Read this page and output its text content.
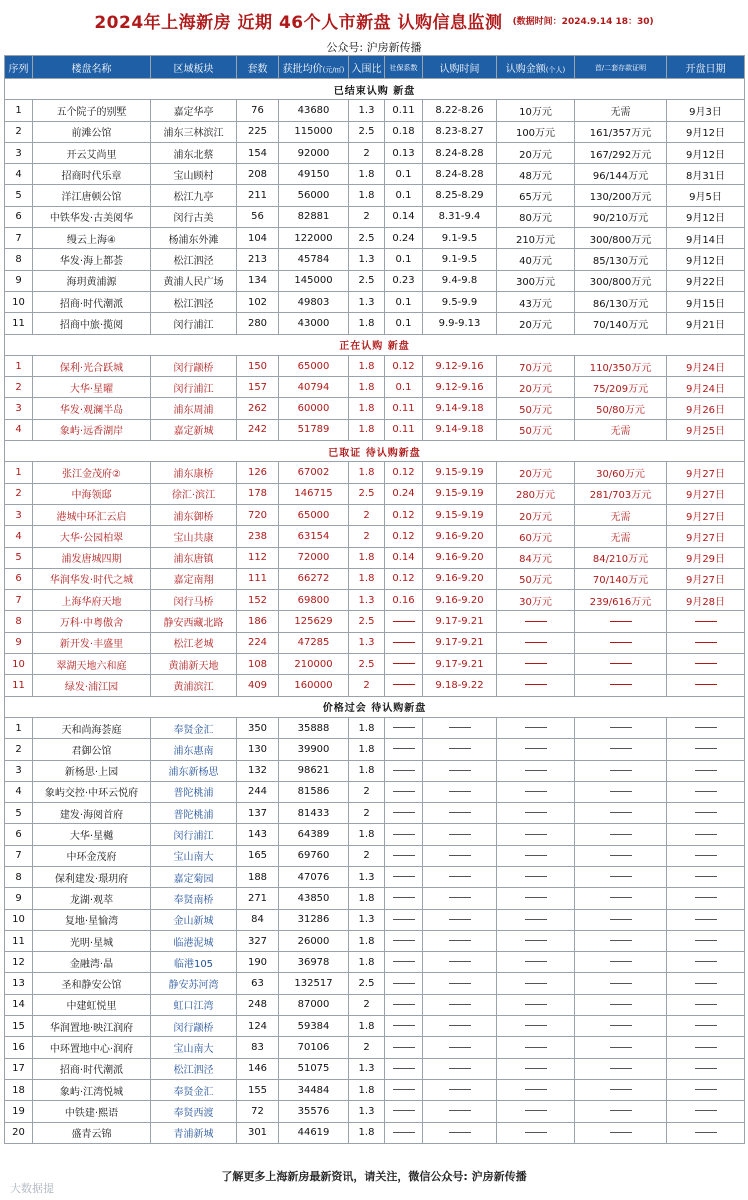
2024年上海新房 近期 46个人市新盘 认购信息监测 (数据时间：2024.9.14 18：30)
公众号: 沪房新传播
序列	楼盘名称	区域板块	套数	获批均价(元/㎡)	入围比	社保系数	认购时间	认购金额(个人)	首/二套存款证明	开盘日期
已结束认购 新盘										
1	五个院子的别墅	嘉定华亭	76	43680	1.3	0.11	8.22-8.26	10万元	无需	9月3日
2	前滩公馆	浦东三林滨江	225	115000	2.5	0.18	8.23-8.27	100万元	161/357万元	9月12日
3	开云艾尚里	浦东北蔡	154	92000	2	0.13	8.24-8.28	20万元	167/292万元	9月12日
4	招商时代乐章	宝山顾村	208	49150	1.8	0.1	8.24-8.28	48万元	96/144万元	8月31日
5	洋江唐顿公馆	松江九亭	211	56000	1.8	0.1	8.25-8.29	65万元	130/200万元	9月5日
6	中铁华发·古美阅华	闵行古美	56	82881	2	0.14	8.31-9.4	80万元	90/210万元	9月12日
7	缦云上海④	杨浦东外滩	104	122000	2.5	0.24	9.1-9.5	210万元	300/800万元	9月14日
8	华发·海上都荟	松江泗泾	213	45784	1.3	0.1	9.1-9.5	40万元	85/130万元	9月12日
9	海玥黄浦源	黄浦人民广场	134	145000	2.5	0.23	9.4-9.8	300万元	300/800万元	9月22日
10	招商·时代潮派	松江泗泾	102	49803	1.3	0.1	9.5-9.9	43万元	86/130万元	9月15日
11	招商中旅·揽阅	闵行浦江	280	43000	1.8	0.1	9.9-9.13	20万元	70/140万元	9月21日
正在认购 新盘										
1	保利·光合跃城	闵行颛桥	150	65000	1.8	0.12	9.12-9.16	70万元	110/350万元	9月24日
2	大华·星曜	闵行浦江	157	40794	1.8	0.1	9.12-9.16	20万元	75/209万元	9月24日
3	华发·观澜半岛	浦东周浦	262	60000	1.8	0.11	9.14-9.18	50万元	50/80万元	9月26日
4	象屿·远香湖岸	嘉定新城	242	51789	1.8	0.11	9.14-9.18	50万元	无需	9月25日
已取证 待认购新盘										
1	张江金茂府②	浦东康桥	126	67002	1.8	0.12	9.15-9.19	20万元	30/60万元	9月27日
2	中海领邸	徐汇·滨江	178	146715	2.5	0.24	9.15-9.19	280万元	281/703万元	9月27日
3	港城中环汇云启	浦东御桥	720	65000	2	0.12	9.15-9.19	20万元	无需	9月27日
4	大华·公园柏翠	宝山共康	238	63154	2	0.12	9.16-9.20	60万元	无需	9月27日
5	浦发唐城四期	浦东唐镇	112	72000	1.8	0.14	9.16-9.20	84万元	84/210万元	9月29日
6	华润华发·时代之城	嘉定南翔	111	66272	1.8	0.12	9.16-9.20	50万元	70/140万元	9月27日
7	上海华府天地	闵行马桥	152	69800	1.3	0.16	9.16-9.20	30万元	239/616万元	9月28日
8	万科·中粤傲舍	静安西藏北路	186	125629	2.5		9.17-9.21			
9	新开发·丰盛里	松江老城	224	47285	1.3		9.17-9.21			
10	翠湖天地六和庭	黄浦新天地	108	210000	2.5		9.17-9.21			
11	绿发·浦江园	黄浦滨江	409	160000	2		9.18-9.22			
价格过会 待认购新盘										
1	天和尚海荟庭	奉贤金汇	350	35888	1.8					
2	君御公馆	浦东惠南	130	39900	1.8					
3	新杨思·上园	浦东新杨思	132	98621	1.8					
4	象屿交控·中环云悦府	普陀桃浦	244	81586	2					
5	建发·海阅首府	普陀桃浦	137	81433	2					
6	大华·星樾	闵行浦江	143	64389	1.8					
7	中环金茂府	宝山南大	165	69760	2					
8	保利建发·璟玥府	嘉定菊园	188	47076	1.3					
9	龙湖·观萃	奉贤南桥	271	43850	1.8					
10	复地·星愉湾	金山新城	84	31286	1.3					
11	光明·星城	临港泥城	327	26000	1.8					
12	金融湾·晶	临港105	190	36978	1.8					
13	圣和静安公馆	静安苏河湾	63	132517	2.5					
14	中建虹悦里	虹口江湾	248	87000	2					
15	华润置地·映江润府	闵行颛桥	124	59384	1.8					
16	中环置地中心·润府	宝山南大	83	70106	2					
17	招商·时代潮派	松江泗泾	146	51075	1.3					
18	象屿·江湾悦城	奉贤金汇	155	34484	1.8					
19	中铁建·熙语	奉贤西渡	72	35576	1.3					
20	盛青云锦	青浦新城	301	44619	1.8					
了解更多上海新房最新资讯，请关注，微信公众号: 沪房新传播
大数据提
